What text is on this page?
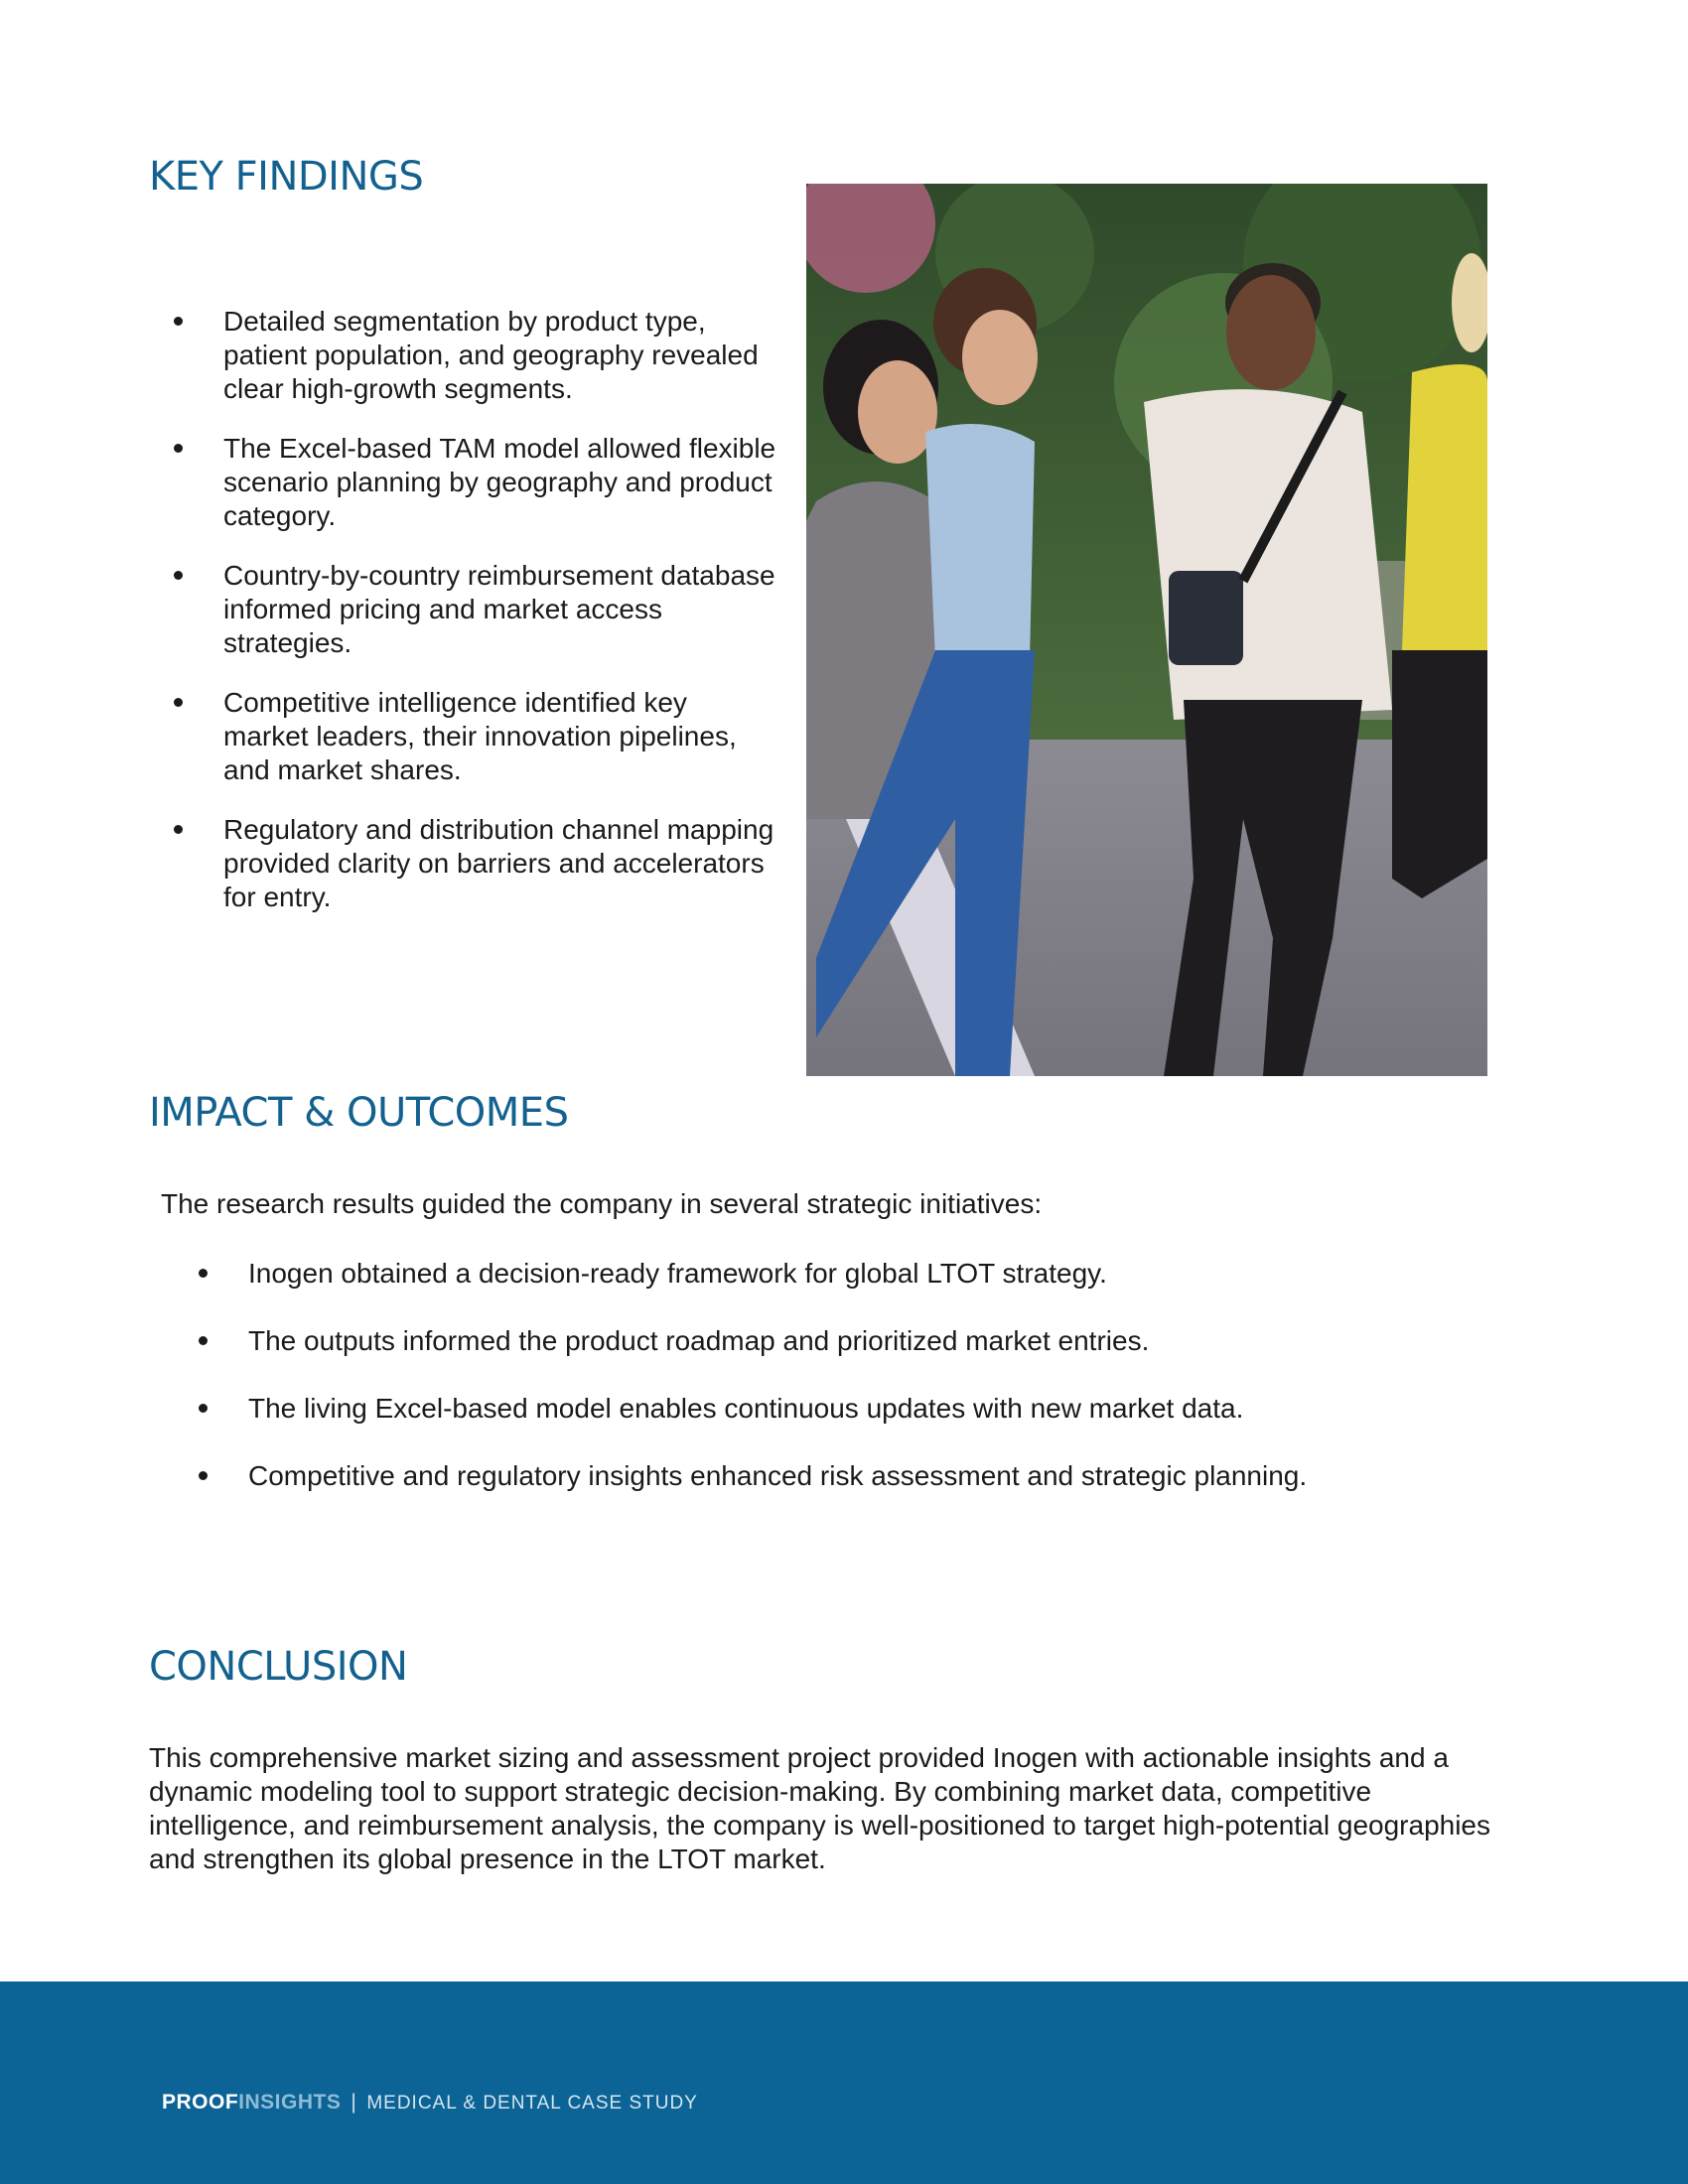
KEY FINDINGS
Detailed segmentation by product type, patient population, and geography revealed clear high-growth segments.
The Excel-based TAM model allowed flexible scenario planning by geography and product category.
Country-by-country reimbursement database informed pricing and market access strategies.
Competitive intelligence identified key market leaders, their innovation pipelines, and market shares.
Regulatory and distribution channel mapping provided clarity on barriers and accelerators for entry.
IMPACT & OUTCOMES

The research results guided the company in several strategic initiatives:

Inogen obtained a decision-ready framework for global LTOT strategy.
The outputs informed the product roadmap and prioritized market entries.
The living Excel-based model enables continuous updates with new market data.
Competitive and regulatory insights enhanced risk assessment and strategic planning.
CONCLUSION

This comprehensive market sizing and assessment project provided Inogen with actionable insights and a dynamic modeling tool to support strategic decision-making. By combining market data, competitive intelligence, and reimbursement analysis, the company is well-positioned to target high-potential geographies and strengthen its global presence in the LTOT market.

PROOFINSIGHTS | MEDICAL & DENTAL CASE STUDY
